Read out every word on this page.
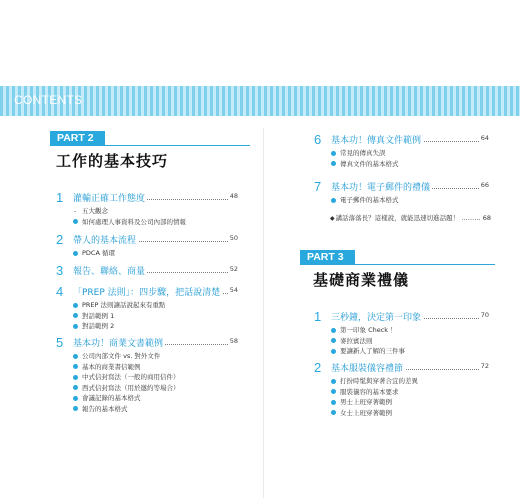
CONTENTS
PART 2
工作的基本技巧
1 灌輸正確工作態度	48
- 五大觀念
如何處理人事資料及公司內部的情報
2 帶人的基本流程	50
PDCA 循環
3 報告、聯絡、商量	52
4 「PREP 法則」：四步驟，把話說清楚	54
PREP 法則讓話說起來有重點
對話範例 1
對話範例 2
5 基本功！商業文書範例	58
公司內部文件 vs. 對外文件
基本的商業書信範例
中式信封寫法（一般的商用信件）
西式信封寫法（用於邀約等場合）
會議記錄的基本格式
報告的基本格式
6 基本功！傳真文件範例	64
常見的傳真失誤
傳真文件的基本格式
7 基本功！電子郵件的禮儀	66
電子郵件的基本格式
◆講話落落長？這樣說，就能迅速切進話題！ ……… 68
PART 3
基礎商業禮儀
1 三秒鐘，決定第一印象	70
第一印象 Check ！
麥拉賓法則
要讓新人了解的三件事
2 基本服裝儀容禮節	72
打扮時髦與穿著合宜的差異
服裝儀容的基本要求
男士上班穿著範例
女士上班穿著範例
